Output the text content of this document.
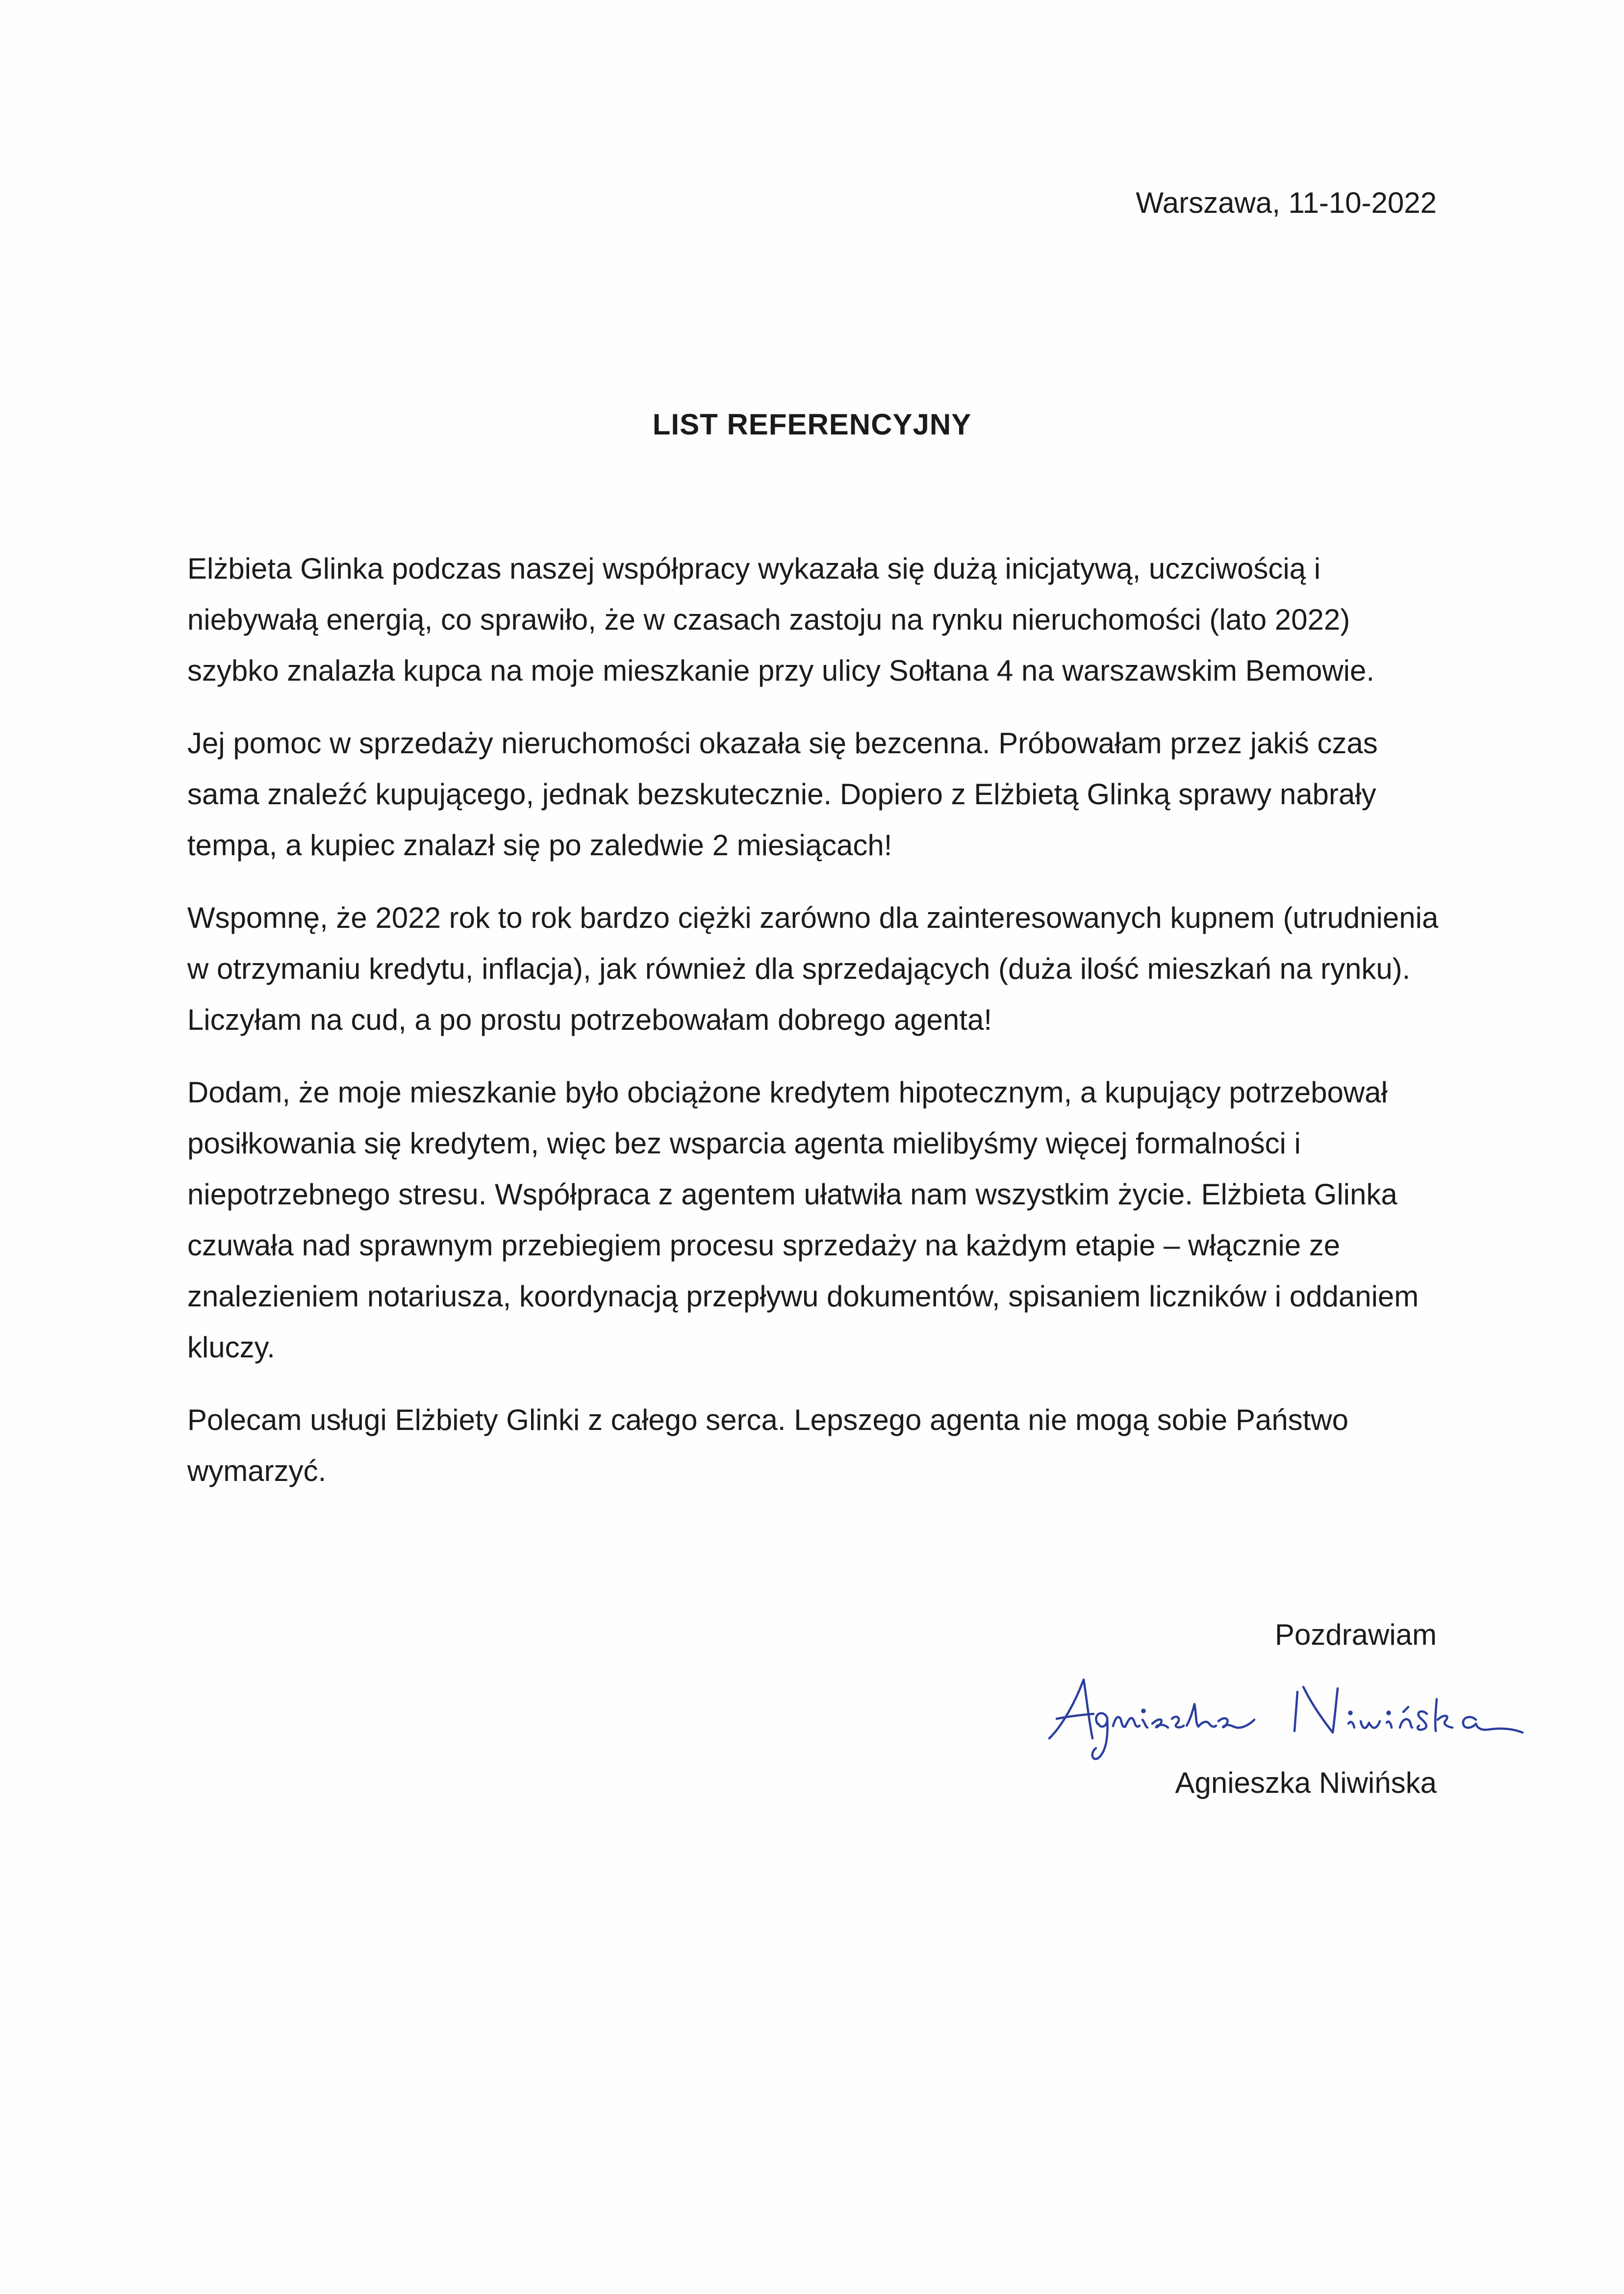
Warszawa, 11-10-2022
LIST REFERENCYJNY

Elżbieta Glinka podczas naszej współpracy wykazała się dużą inicjatywą, uczciwością i niebywałą energią, co sprawiło, że w czasach zastoju na rynku nieruchomości (lato 2022) szybko znalazła kupca na moje mieszkanie przy ulicy Sołtana 4 na warszawskim Bemowie.

Jej pomoc w sprzedaży nieruchomości okazała się bezcenna. Próbowałam przez jakiś czas sama znaleźć kupującego, jednak bezskutecznie. Dopiero z Elżbietą Glinką sprawy nabrały tempa, a kupiec znalazł się po zaledwie 2 miesiącach!

Wspomnę, że 2022 rok to rok bardzo ciężki zarówno dla zainteresowanych kupnem (utrudnienia w otrzymaniu kredytu, inflacja), jak również dla sprzedających (duża ilość mieszkań na rynku). Liczyłam na cud, a po prostu potrzebowałam dobrego agenta!

Dodam, że moje mieszkanie było obciążone kredytem hipotecznym, a kupujący potrzebował posiłkowania się kredytem, więc bez wsparcia agenta mielibyśmy więcej formalności i niepotrzebnego stresu. Współpraca z agentem ułatwiła nam wszystkim życie. Elżbieta Glinka czuwała nad sprawnym przebiegiem procesu sprzedaży na każdym etapie – włącznie ze znalezieniem notariusza, koordynacją przepływu dokumentów, spisaniem liczników i oddaniem kluczy.

Polecam usługi Elżbiety Glinki z całego serca. Lepszego agenta nie mogą sobie Państwo wymarzyć.

Pozdrawiam
Agnieszka Niwińska
